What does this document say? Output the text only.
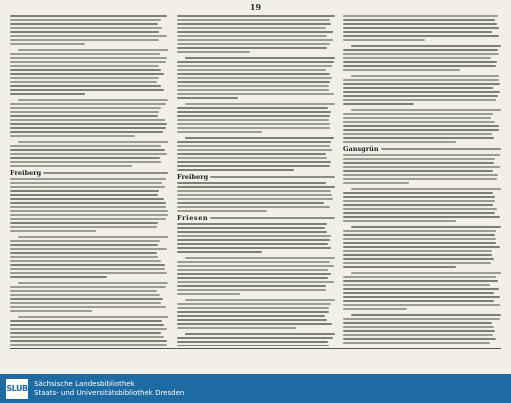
19
Freiberg	Freiberg
Friesen
Gansgrün
SLUB
Sächsische Landesbibliothek
Staats- und Universitätsbibliothek Dresden
